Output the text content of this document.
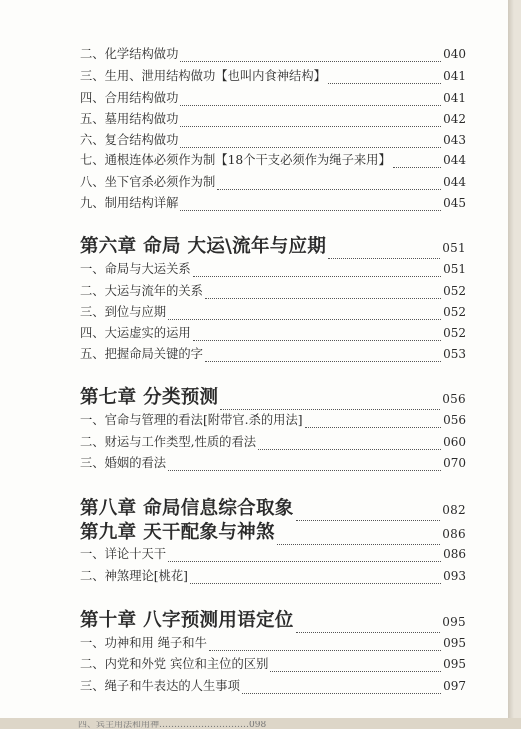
二、化学结构做功	040
三、生用、泄用结构做功【也叫内食神结构】	041
四、合用结构做功	041
五、墓用结构做功	042
六、复合结构做功	043
七、通根连体必须作为制【18个干支必须作为绳子来用】	044
八、坐下官杀必须作为制	044
九、制用结构详解	045
第六章 命局 大运\流年与应期	051
一、命局与大运关系	051
二、大运与流年的关系	052
三、到位与应期	052
四、大运虚实的运用	052
五、把握命局关键的字	053
第七章 分类预测	056
一、官命与管理的看法[附带官.杀的用法]	056
二、财运与工作类型,性质的看法	060
三、婚姻的看法	070
第八章 命局信息综合取象	082
第九章 天干配象与神煞	086
一、详论十天干	086
二、神煞理论[桃花]	093
第十章 八字预测用语定位	095
一、功神和用 绳子和牛	095
二、内党和外党 宾位和主位的区别	095
三、绳子和牛表达的人生事项	097
四、宾主用法和用神…………………………098
